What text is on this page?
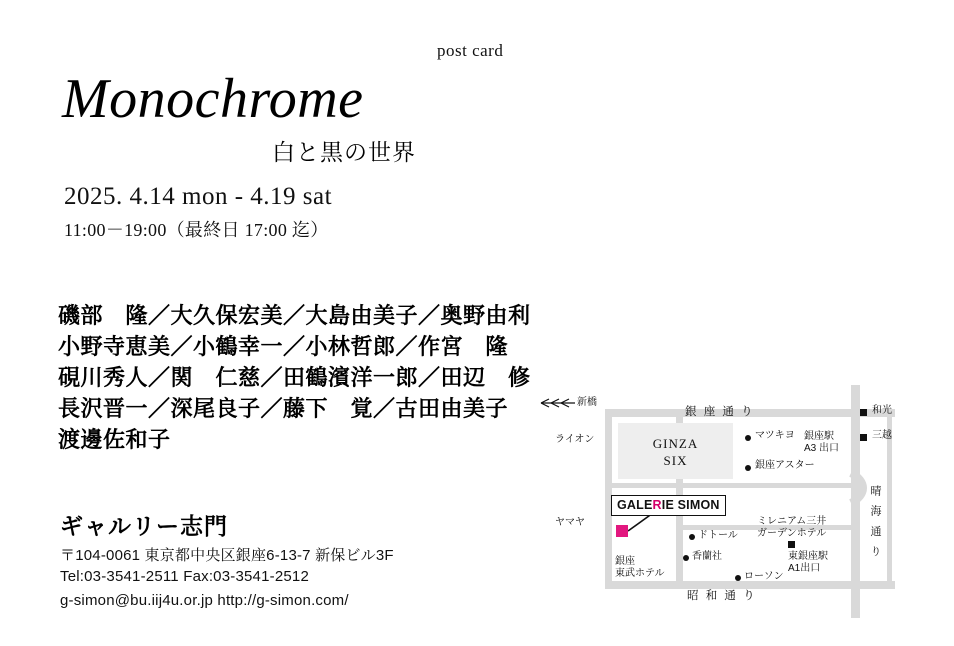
post card
Monochrome
白と黒の世界
2025. 4.14 mon - 4.19 sat
11:00－19:00（最終日 17:00 迄）
磯部　隆／大久保宏美／大島由美子／奥野由利
小野寺恵美／小鶴幸一／小林哲郎／作宮　隆
硯川秀人／関　仁慈／田鶴濱洋一郎／田辺　修
長沢晋一／深尾良子／藤下　覚／古田由美子
渡邊佐和子
ギャルリー志門
〒104-0061 東京都中央区銀座6-13-7 新保ビル3F
Tel:03-3541-2511 Fax:03-3541-2512
g-simon@bu.iij4u.or.jp http://g-simon.com/
GINZA
SIX
GALERIE SIMON
銀 座 通 り
昭 和 通 り
晴 海 通 り
新橋
ライオン
ヤマヤ
マツキヨ
銀座アスター
和光
三越
銀座駅
A3 出口
ドトール
ミレニアム三井
ガーデンホテル
香蘭社	東銀座駅
A1出口
ローソン
銀座
東武ホテル
